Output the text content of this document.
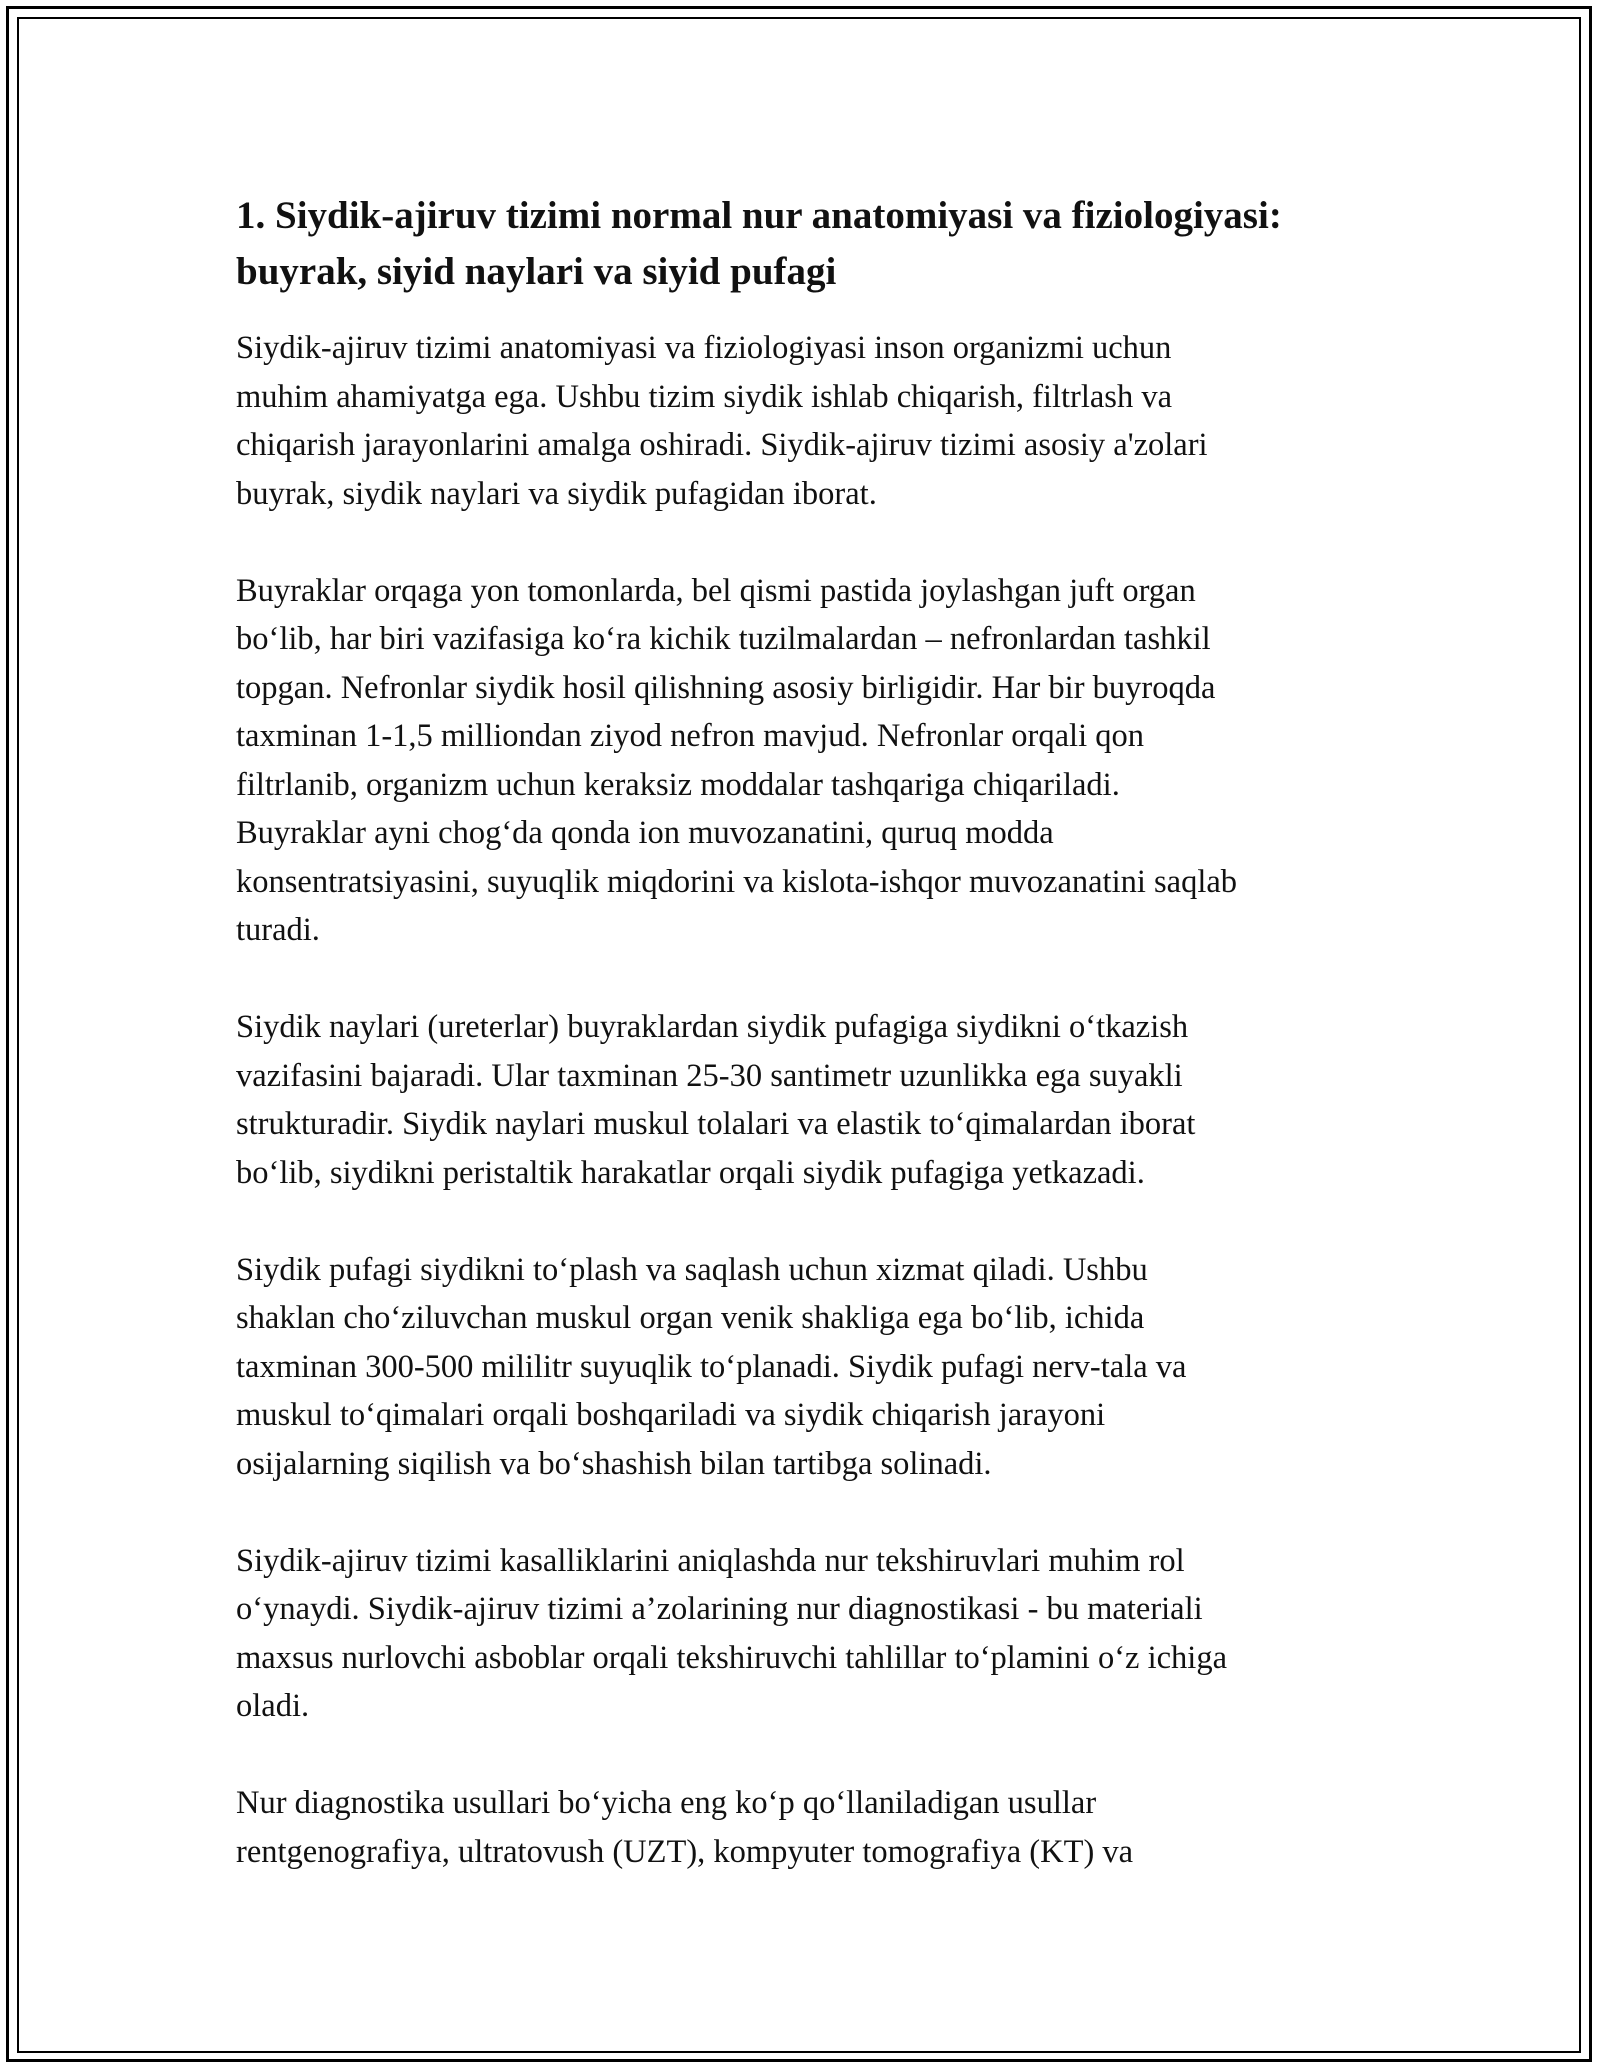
1. Siydik-ajiruv tizimi normal nur anatomiyasi va fiziologiyasi:
buyrak, siyid naylari va siyid pufagi

Siydik-ajiruv tizimi anatomiyasi va fiziologiyasi inson organizmi uchun
muhim ahamiyatga ega. Ushbu tizim siydik ishlab chiqarish, filtrlash va
chiqarish jarayonlarini amalga oshiradi. Siydik-ajiruv tizimi asosiy a'zolari
buyrak, siydik naylari va siydik pufagidan iborat.

Buyraklar orqaga yon tomonlarda, bel qismi pastida joylashgan juft organ
bo‘lib, har biri vazifasiga ko‘ra kichik tuzilmalardan – nefronlardan tashkil
topgan. Nefronlar siydik hosil qilishning asosiy birligidir. Har bir buyroqda
taxminan 1-1,5 milliondan ziyod nefron mavjud. Nefronlar orqali qon
filtrlanib, organizm uchun keraksiz moddalar tashqariga chiqariladi.
Buyraklar ayni chog‘da qonda ion muvozanatini, quruq modda
konsentratsiyasini, suyuqlik miqdorini va kislota-ishqor muvozanatini saqlab
turadi.

Siydik naylari (ureterlar) buyraklardan siydik pufagiga siydikni o‘tkazish
vazifasini bajaradi. Ular taxminan 25-30 santimetr uzunlikka ega suyakli
strukturadir. Siydik naylari muskul tolalari va elastik to‘qimalardan iborat
bo‘lib, siydikni peristaltik harakatlar orqali siydik pufagiga yetkazadi.

Siydik pufagi siydikni to‘plash va saqlash uchun xizmat qiladi. Ushbu
shaklan cho‘ziluvchan muskul organ venik shakliga ega bo‘lib, ichida
taxminan 300-500 mililitr suyuqlik to‘planadi. Siydik pufagi nerv-tala va
muskul to‘qimalari orqali boshqariladi va siydik chiqarish jarayoni
osijalarning siqilish va bo‘shashish bilan tartibga solinadi.

Siydik-ajiruv tizimi kasalliklarini aniqlashda nur tekshiruvlari muhim rol
o‘ynaydi. Siydik-ajiruv tizimi a’zolarining nur diagnostikasi - bu materiali
maxsus nurlovchi asboblar orqali tekshiruvchi tahlillar to‘plamini o‘z ichiga
oladi.

Nur diagnostika usullari bo‘yicha eng ko‘p qo‘llaniladigan usullar
rentgenografiya, ultratovush (UZT), kompyuter tomografiya (KT) va
